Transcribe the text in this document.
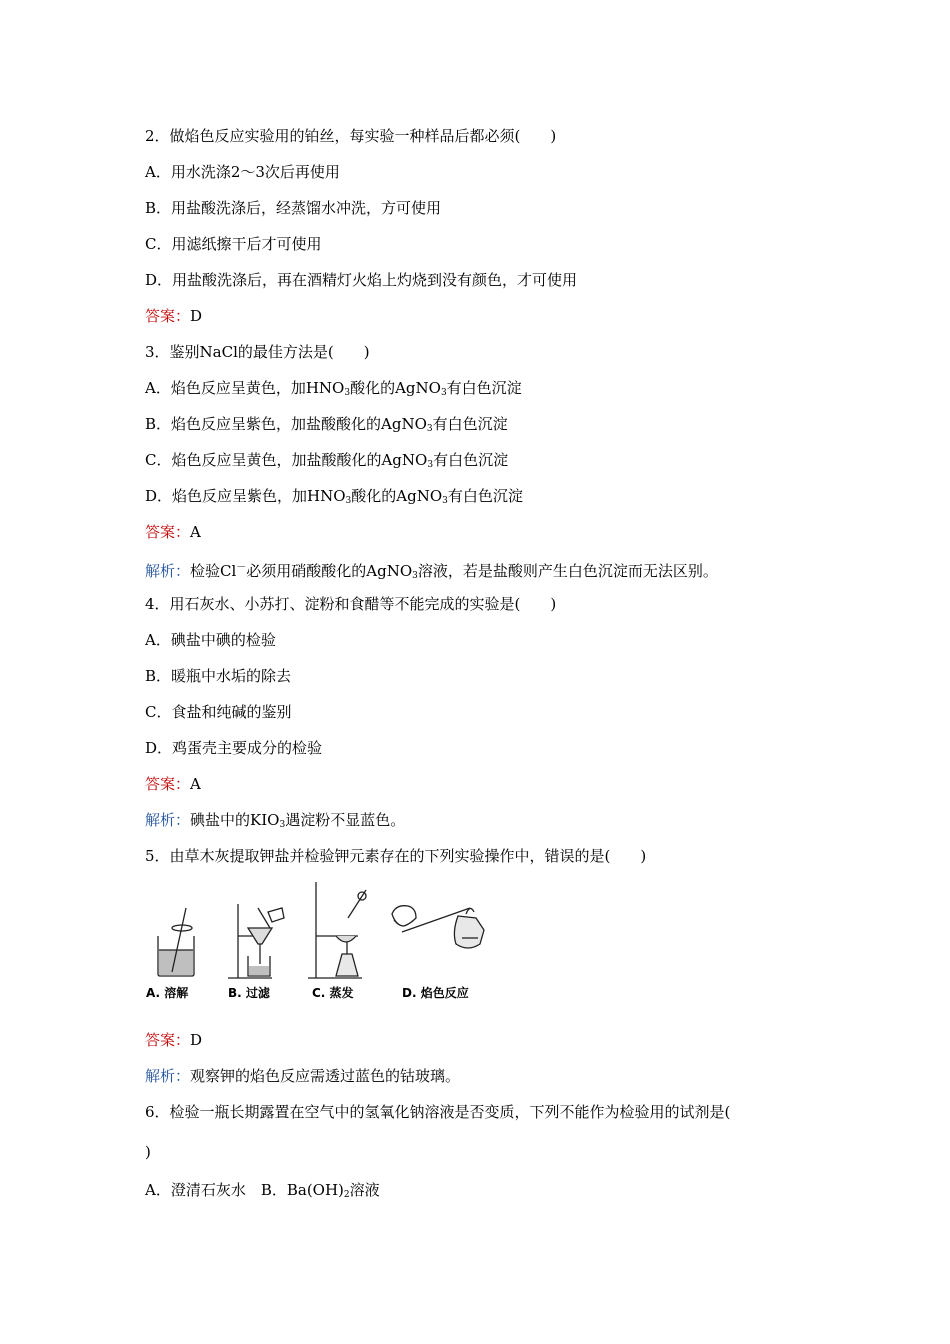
2．做焰色反应实验用的铂丝，每实验一种样品后都必须(　　)
A．用水洗涤2～3次后再使用
B．用盐酸洗涤后，经蒸馏水冲洗，方可使用
C．用滤纸擦干后才可使用
D．用盐酸洗涤后，再在酒精灯火焰上灼烧到没有颜色，才可使用
答案：D
3．鉴别NaCl的最佳方法是(　　)
A．焰色反应呈黄色，加$HNO_3$酸化的AgNO$_3$有白色沉淀
B．焰色反应呈紫色，加盐酸酸化的AgNO$_3$有白色沉淀
C．焰色反应呈黄色，加盐酸酸化的AgNO$_3$有白色沉淀
D．焰色反应呈紫色，加$HNO_3$酸化的AgNO$_3$有白色沉淀
答案：A
解析：检验Cl－必须用硝酸酸化的AgNO$_3$溶液，若是盐酸则产生白色沉淀而无法区别。
4．用石灰水、小苏打、淀粉和食醋等不能完成的实验是(　　)
A．碘盐中碘的检验
B．暖瓶中水垢的除去
C．食盐和纯碱的鉴别
D．鸡蛋壳主要成分的检验
答案：A
解析：碘盐中的$KIO_3$遇淀粉不显蓝色。
5．由草木灰提取钾盐并检验钾元素存在的下列实验操作中，错误的是(　　)
A. 溶解	B. 过滤	C. 蒸发	D. 焰色反应
答案：D
解析：观察钾的焰色反应需透过蓝色的钴玻璃。
6．检验一瓶长期露置在空气中的氢氧化钠溶液是否变质，下列不能作为检验用的试剂是(
)
A．澄清石灰水　B．$Ba(OH)_2$溶液
